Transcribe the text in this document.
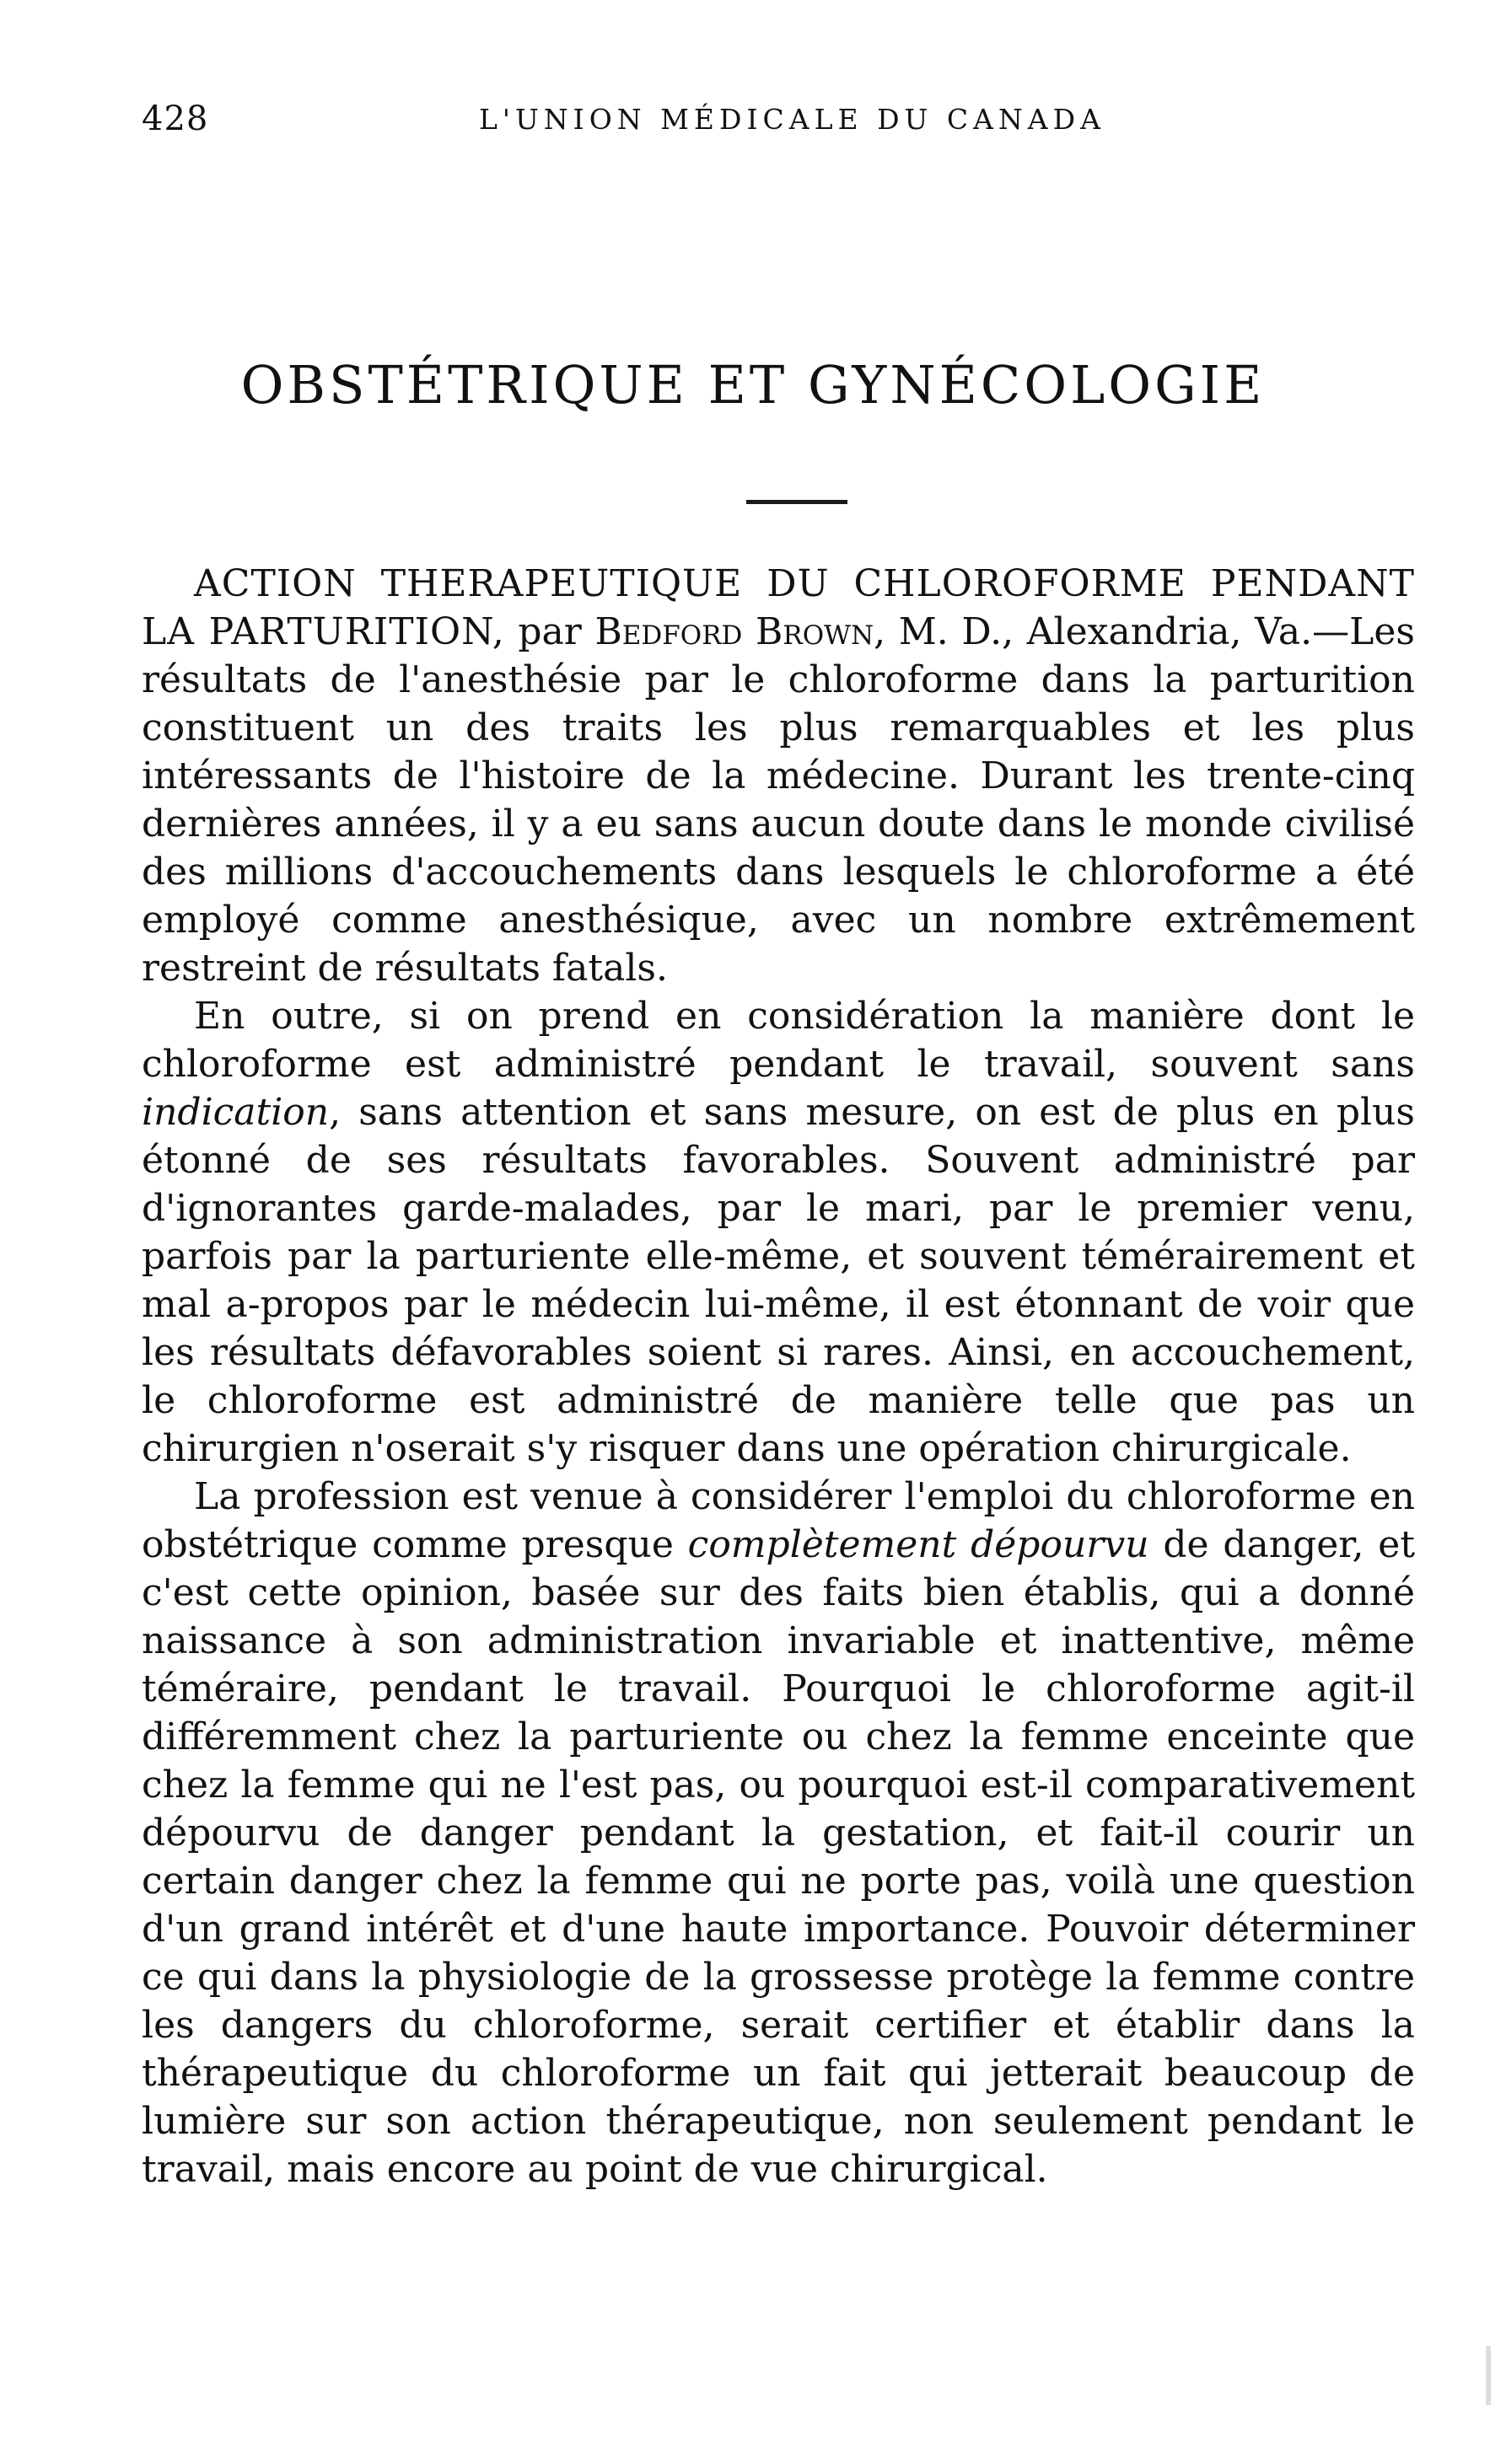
428	L'UNION MÉDICALE DU CANADA
OBSTÉTRIQUE ET GYNÉCOLOGIE

ACTION THERAPEUTIQUE DU CHLOROFORME PENDANT LA PARTURITION, par Bedford Brown, M. D., Alexandria, Va.—Les résultats de l'anesthésie par le chloroforme dans la parturition constituent un des traits les plus remarquables et les plus intéressants de l'histoire de la médecine. Durant les trente-cinq dernières années, il y a eu sans aucun doute dans le monde civilisé des millions d'accouchements dans lesquels le chloroforme a été employé comme anesthésique, avec un nombre extrêmement restreint de résultats fatals.

En outre, si on prend en considération la manière dont le chloroforme est administré pendant le travail, souvent sans indication, sans attention et sans mesure, on est de plus en plus étonné de ses résultats favorables. Souvent administré par d'ignorantes garde-malades, par le mari, par le premier venu, parfois par la parturiente elle-même, et souvent témérairement et mal a-propos par le médecin lui-même, il est étonnant de voir que les résultats défavorables soient si rares. Ainsi, en accouchement, le chloroforme est administré de manière telle que pas un chirurgien n'oserait s'y risquer dans une opération chirurgicale.

La profession est venue à considérer l'emploi du chloroforme en obstétrique comme presque complètement dépourvu de danger, et c'est cette opinion, basée sur des faits bien établis, qui a donné naissance à son administration invariable et inattentive, même téméraire, pendant le travail. Pourquoi le chloroforme agit-il différemment chez la parturiente ou chez la femme enceinte que chez la femme qui ne l'est pas, ou pourquoi est-il comparativement dépourvu de danger pendant la gestation, et fait-il courir un certain danger chez la femme qui ne porte pas, voilà une question d'un grand intérêt et d'une haute importance. Pouvoir déterminer ce qui dans la physiologie de la grossesse protège la femme contre les dangers du chloroforme, serait certifier et établir dans la thérapeutique du chloroforme un fait qui jetterait beaucoup de lumière sur son action thérapeutique, non seulement pendant le travail, mais encore au point de vue chirurgical.
